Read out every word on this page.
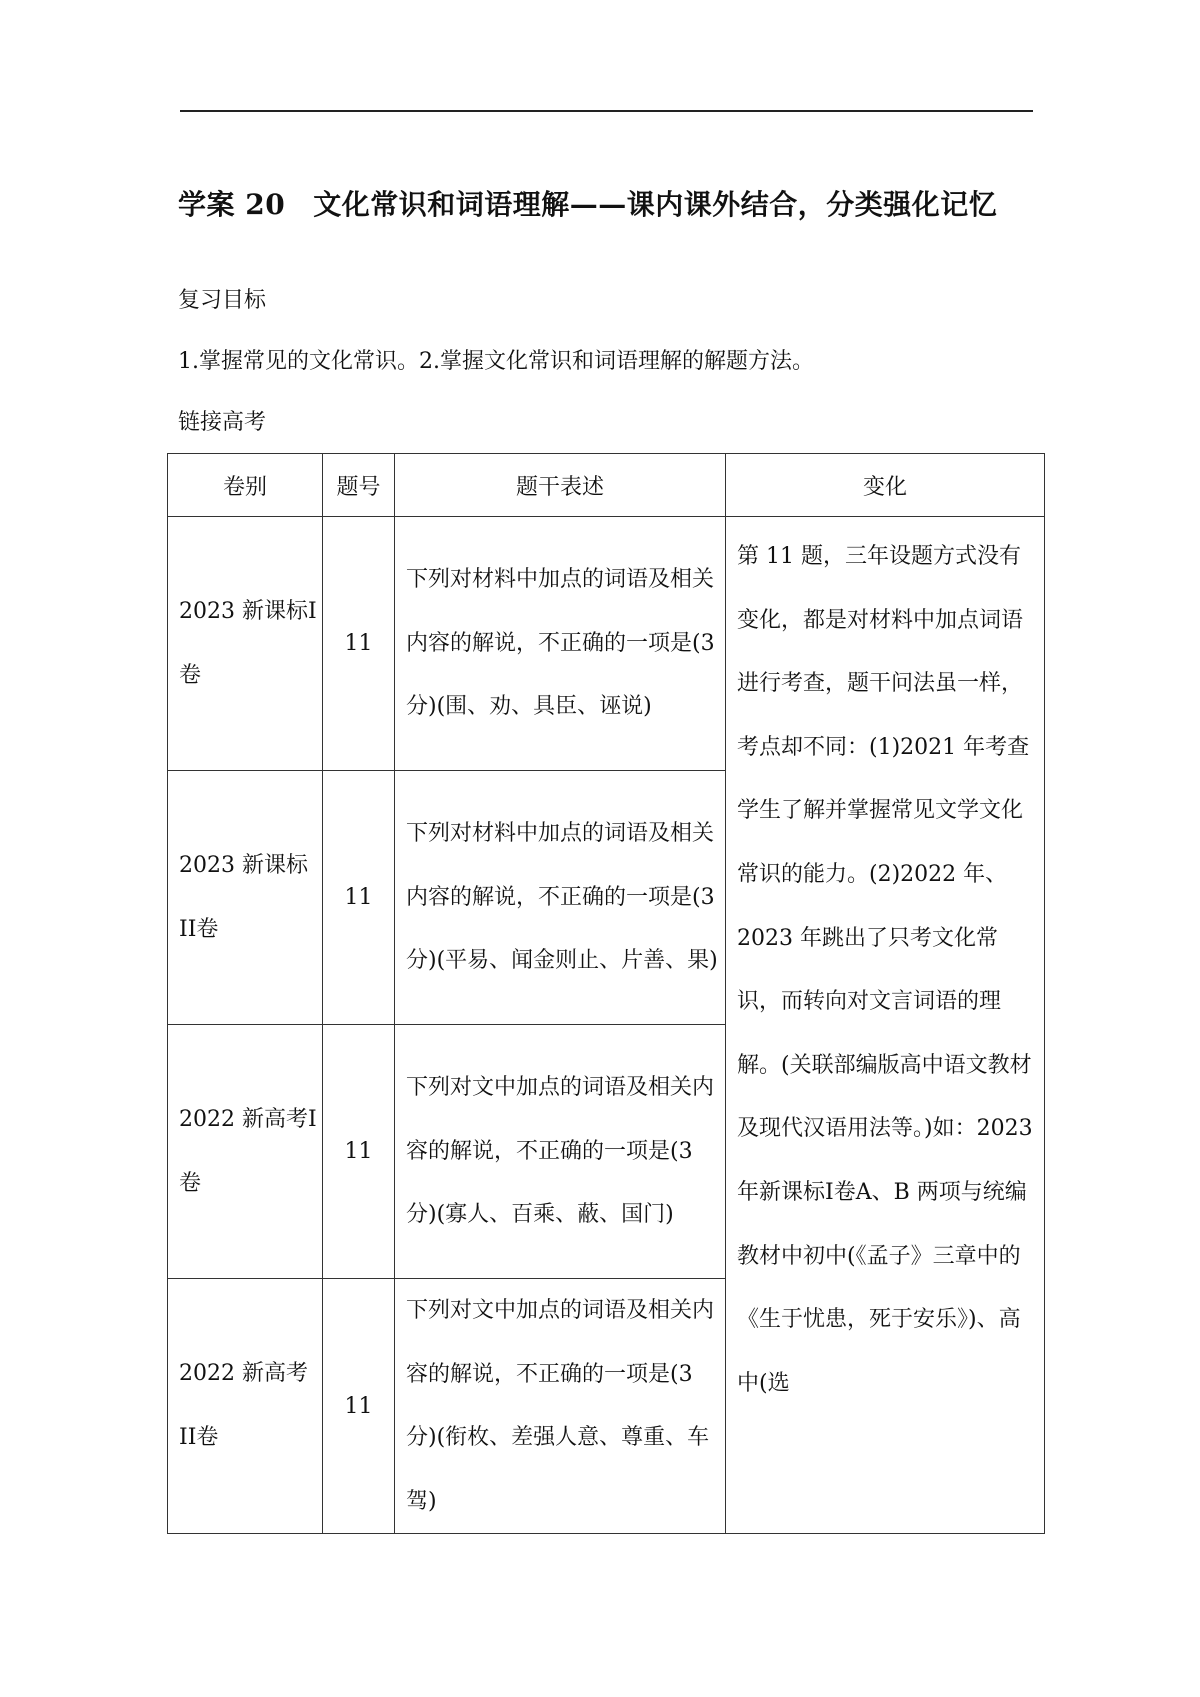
学案 20 文化常识和词语理解——课内课外结合，分类强化记忆
复习目标
1.掌握常见的文化常识。2.掌握文化常识和词语理解的解题方法。
链接高考
卷别	题号	题干表述	变化
2023 新课标I卷	11	下列对材料中加点的词语及相关内容的解说，不正确的一项是(3 分)(围、劝、具臣、诬说)	第 11 题，三年设题方式没有变化，都是对材料中加点词语进行考查，题干问法虽一样，考点却不同：(1)2021 年考查学生了解并掌握常见文学文化常识的能力。(2)2022 年、2023 年跳出了只考文化常识，而转向对文言词语的理解。(关联部编版高中语文教材及现代汉语用法等。)如：2023 年新课标I卷A、B 两项与统编教材中初中(《孟子》三章中的《生于忧患，死于安乐》)、高中(选
2023 新课标II卷	11	下列对材料中加点的词语及相关内容的解说，不正确的一项是(3 分)(平易、闻金则止、片善、果)	
2022 新高考I卷	11	下列对文中加点的词语及相关内容的解说，不正确的一项是(3 分)(寡人、百乘、蔽、国门)	
2022 新高考II卷	11	下列对文中加点的词语及相关内容的解说，不正确的一项是(3 分)(衔枚、差强人意、尊重、车驾)	
